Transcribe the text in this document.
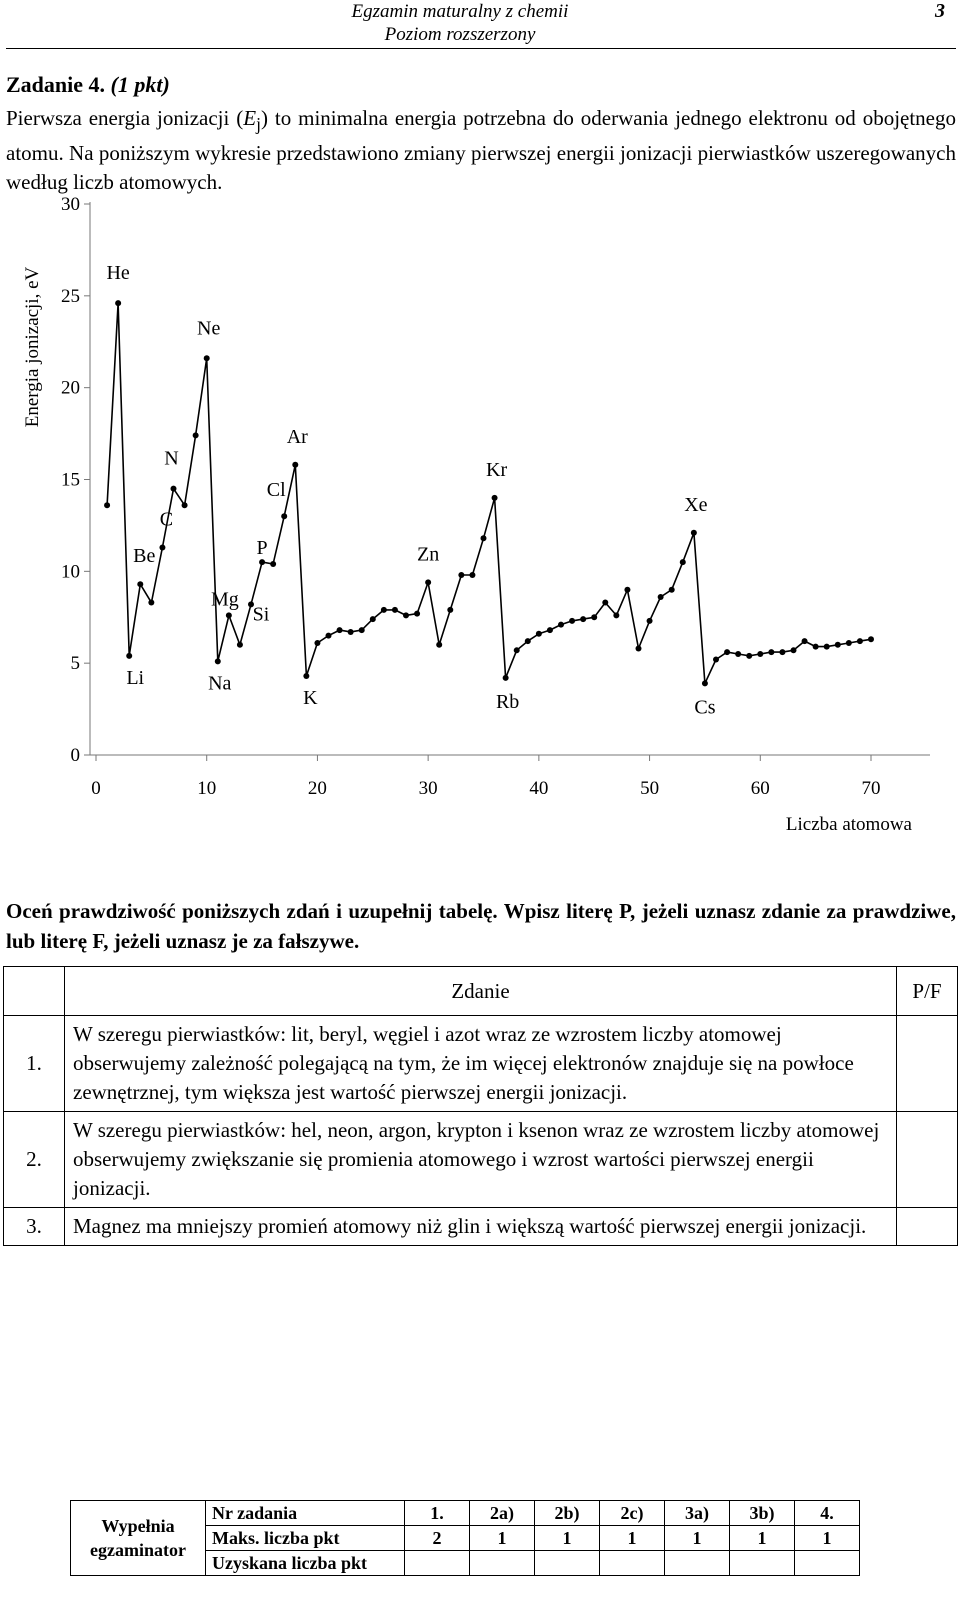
Egzamin maturalny z chemii
Poziom rozszerzony
3
Zadanie 4. (1 pkt)
Pierwsza energia jonizacji $(E_j)$ to minimalna energia potrzebna do oderwania jednego elektronu od obojętnego atomu. Na poniższym wykresie przedstawiono zmiany pierwszej energii jonizacji pierwiastków uszeregowanych według liczb atomowych.
0
5
10
15
20
25
30
0	10	20	30	40	50	60	70
He
Li
Be
C
N
Ne
Na
Mg
Si
P
Cl
Ar
K
Zn
Kr
Rb
Xe
Cs
Energia jonizacji, eV
Liczba atomowa
Oceń prawdziwość poniższych zdań i uzupełnij tabelę. Wpisz literę P, jeżeli uznasz zdanie za prawdziwe, lub literę F, jeżeli uznasz je za fałszywe.
	Zdanie	P/F
1.	W szeregu pierwiastków: lit, beryl, węgiel i azot wraz ze wzrostem liczby atomowej obserwujemy zależność polegającą na tym, że im więcej elektronów znajduje się na powłoce zewnętrznej, tym większa jest wartość pierwszej energii jonizacji.	
2.	W szeregu pierwiastków: hel, neon, argon, krypton i ksenon wraz ze wzrostem liczby atomowej obserwujemy zwiększanie się promienia atomowego i wzrost wartości pierwszej energii jonizacji.	
3.	Magnez ma mniejszy promień atomowy niż glin i większą wartość pierwszej energii jonizacji.	
Wypełnia egzaminator	Nr zadania	1.	2a)	2b)	2c)	3a)	3b)	4.
	Maks. liczba pkt	2	1	1	1	1	1	1
	Uzyskana liczba pkt							
